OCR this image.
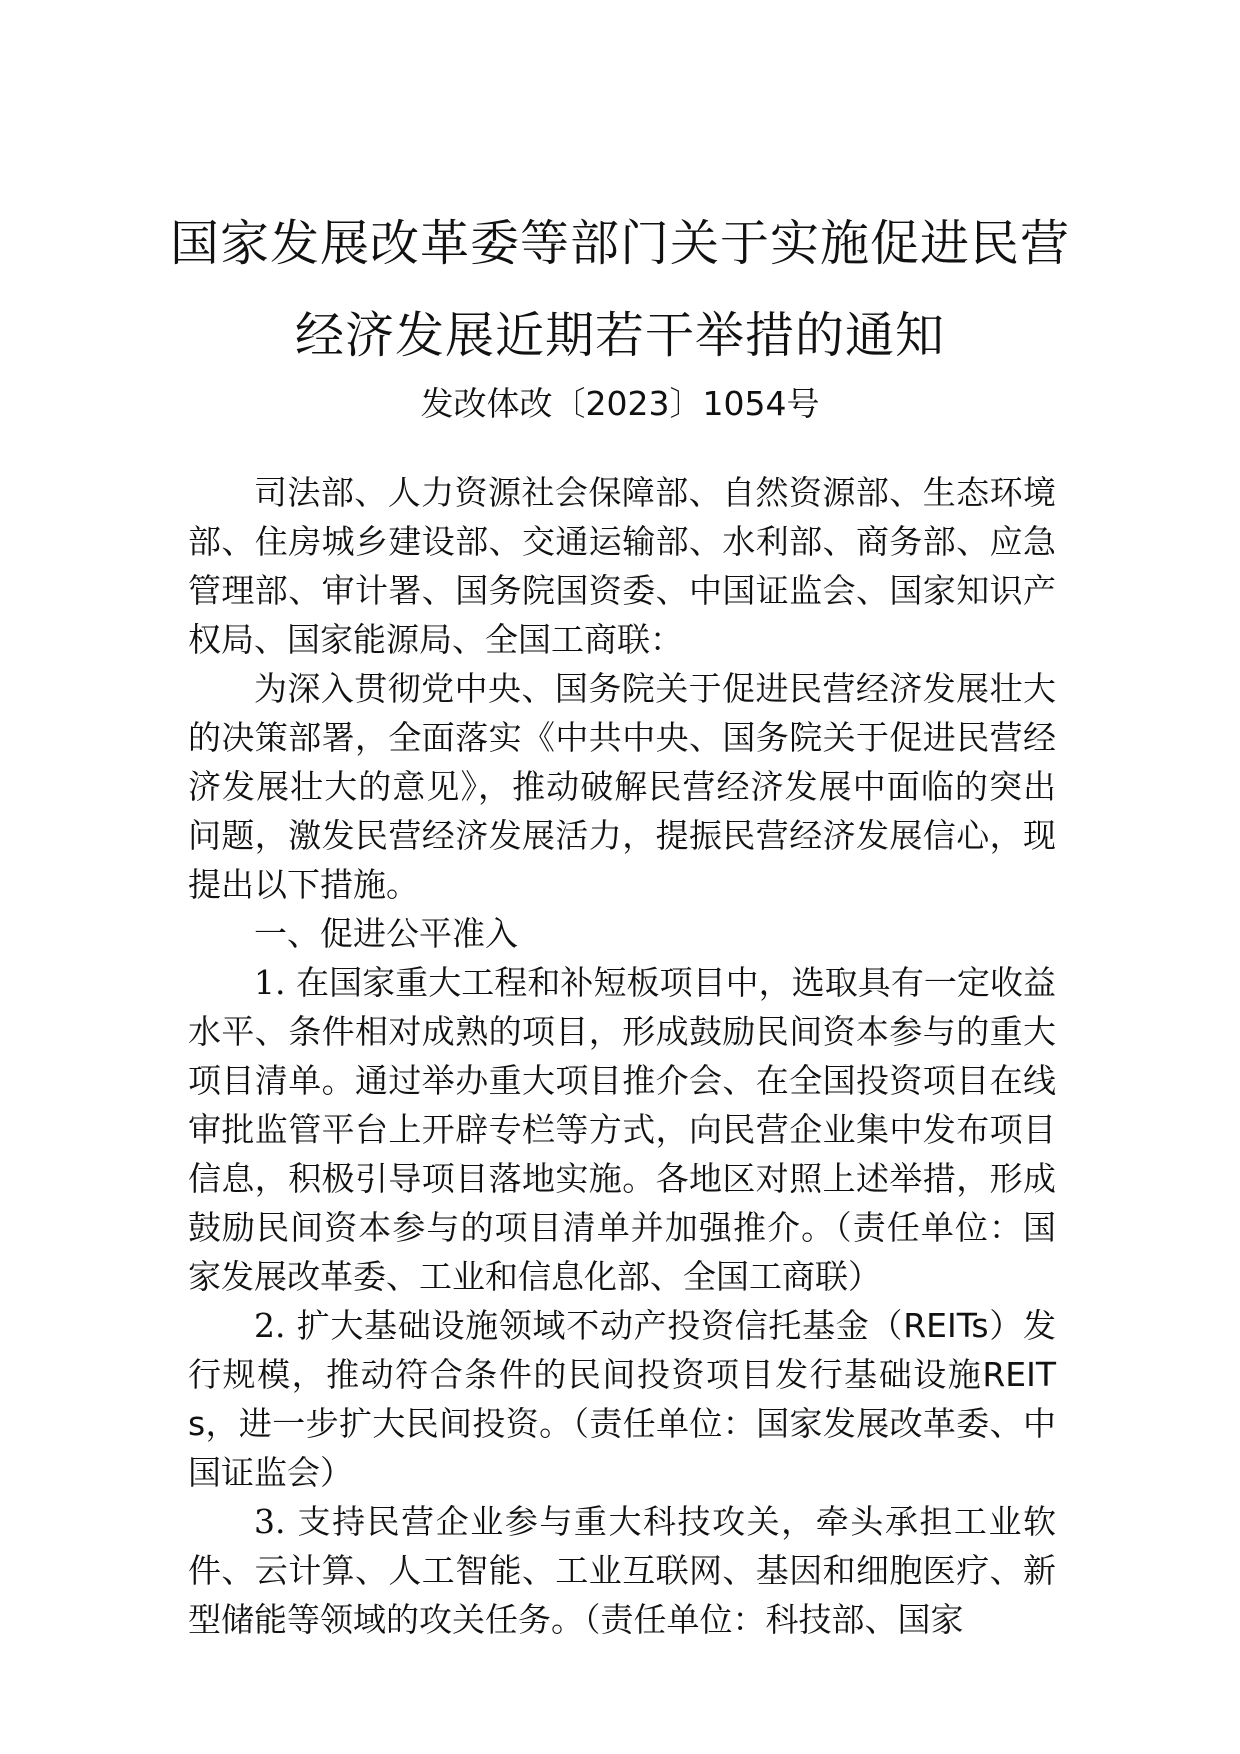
国家发展改革委等部门关于实施促进民营
经济发展近期若干举措的通知
发改体改〔2023〕1054号

司法部、人力资源社会保障部、自然资源部、生态环境部、住房城乡建设部、交通运输部、水利部、商务部、应急管理部、审计署、国务院国资委、中国证监会、国家知识产权局、国家能源局、全国工商联：

为深入贯彻党中央、国务院关于促进民营经济发展壮大的决策部署，全面落实《中共中央、国务院关于促进民营经济发展壮大的意见》，推动破解民营经济发展中面临的突出问题，激发民营经济发展活力，提振民营经济发展信心，现提出以下措施。

一、促进公平准入

1. 在国家重大工程和补短板项目中，选取具有一定收益水平、条件相对成熟的项目，形成鼓励民间资本参与的重大项目清单。通过举办重大项目推介会、在全国投资项目在线审批监管平台上开辟专栏等方式，向民营企业集中发布项目信息，积极引导项目落地实施。各地区对照上述举措，形成鼓励民间资本参与的项目清单并加强推介。（责任单位：国家发展改革委、工业和信息化部、全国工商联）

2. 扩大基础设施领域不动产投资信托基金（REITs）发行规模，推动符合条件的民间投资项目发行基础设施REITs，进一步扩大民间投资。（责任单位：国家发展改革委、中国证监会）

3. 支持民营企业参与重大科技攻关，牵头承担工业软件、云计算、人工智能、工业互联网、基因和细胞医疗、新型储能等领域的攻关任务。（责任单位：科技部、国家
